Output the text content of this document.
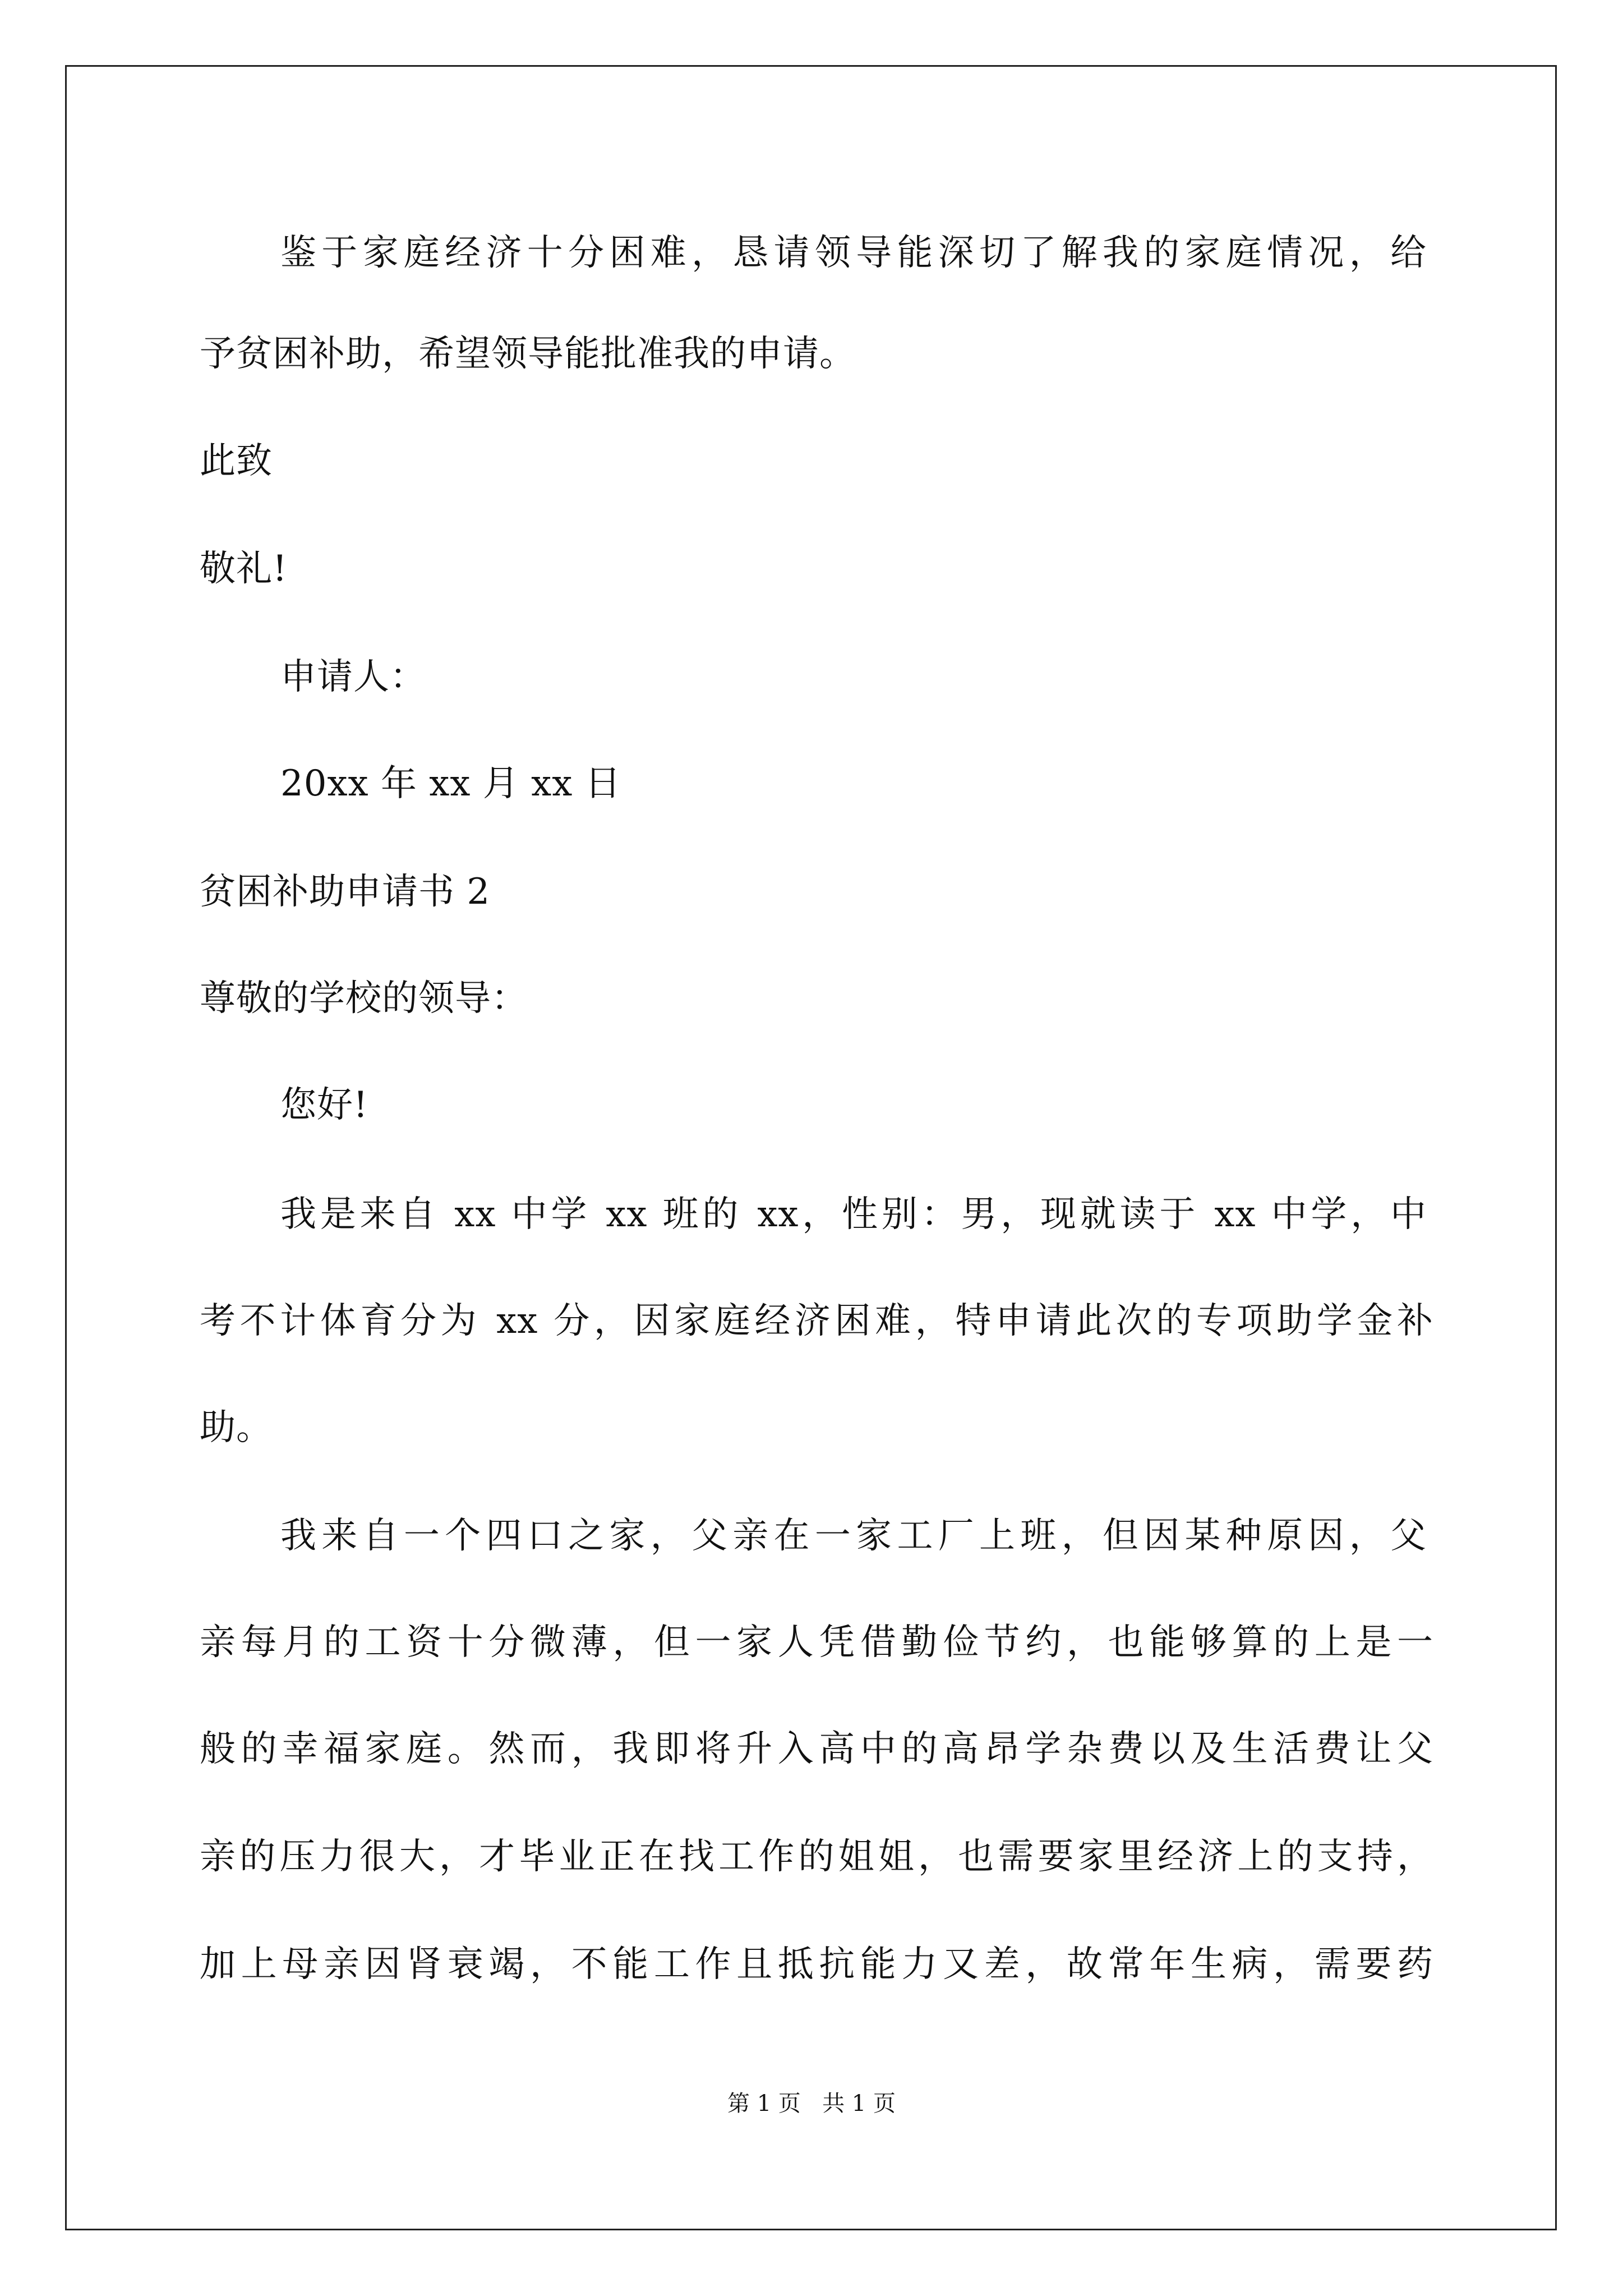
鉴于家庭经济十分困难，恳请领导能深切了解我的家庭情况，给
予贫困补助，希望领导能批准我的申请。
此致
敬礼!
申请人：
20xx 年 xx 月 xx 日
贫困补助申请书 2
尊敬的学校的领导：
您好!
我是来自 xx 中学 xx 班的 xx，性别：男，现就读于 xx 中学，中
考不计体育分为 xx 分，因家庭经济困难，特申请此次的专项助学金补
助。
我来自一个四口之家，父亲在一家工厂上班，但因某种原因，父
亲每月的工资十分微薄，但一家人凭借勤俭节约，也能够算的上是一
般的幸福家庭。然而，我即将升入高中的高昂学杂费以及生活费让父
亲的压力很大，才毕业正在找工作的姐姐，也需要家里经济上的支持，
加上母亲因肾衰竭，不能工作且抵抗能力又差，故常年生病，需要药
第 1 页   共 1 页
